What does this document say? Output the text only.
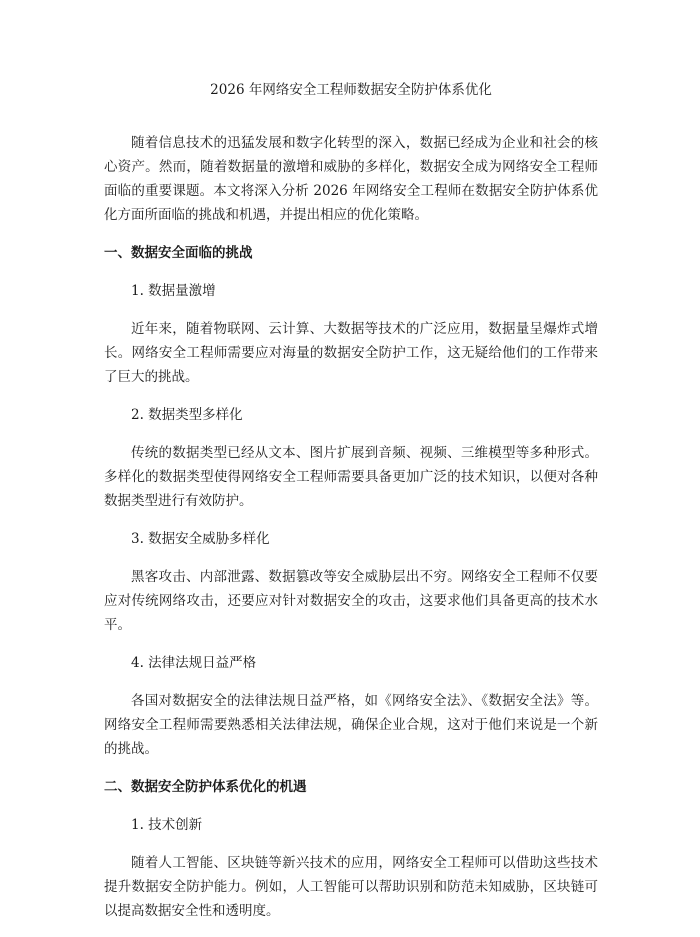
2026 年网络安全工程师数据安全防护体系优化

随着信息技术的迅猛发展和数字化转型的深入，数据已经成为企业和社会的核心资产。然而，随着数据量的激增和威胁的多样化，数据安全成为网络安全工程师面临的重要课题。本文将深入分析 2026 年网络安全工程师在数据安全防护体系优化方面所面临的挑战和机遇，并提出相应的优化策略。

一、数据安全面临的挑战
1. 数据量激增

近年来，随着物联网、云计算、大数据等技术的广泛应用，数据量呈爆炸式增长。网络安全工程师需要应对海量的数据安全防护工作，这无疑给他们的工作带来了巨大的挑战。

2. 数据类型多样化

传统的数据类型已经从文本、图片扩展到音频、视频、三维模型等多种形式。多样化的数据类型使得网络安全工程师需要具备更加广泛的技术知识，以便对各种数据类型进行有效防护。

3. 数据安全威胁多样化

黑客攻击、内部泄露、数据篡改等安全威胁层出不穷。网络安全工程师不仅要应对传统网络攻击，还要应对针对数据安全的攻击，这要求他们具备更高的技术水平。

4. 法律法规日益严格

各国对数据安全的法律法规日益严格，如《网络安全法》、《数据安全法》等。网络安全工程师需要熟悉相关法律法规，确保企业合规，这对于他们来说是一个新的挑战。

二、数据安全防护体系优化的机遇
1. 技术创新

随着人工智能、区块链等新兴技术的应用，网络安全工程师可以借助这些技术提升数据安全防护能力。例如，人工智能可以帮助识别和防范未知威胁，区块链可以提高数据安全性和透明度。
